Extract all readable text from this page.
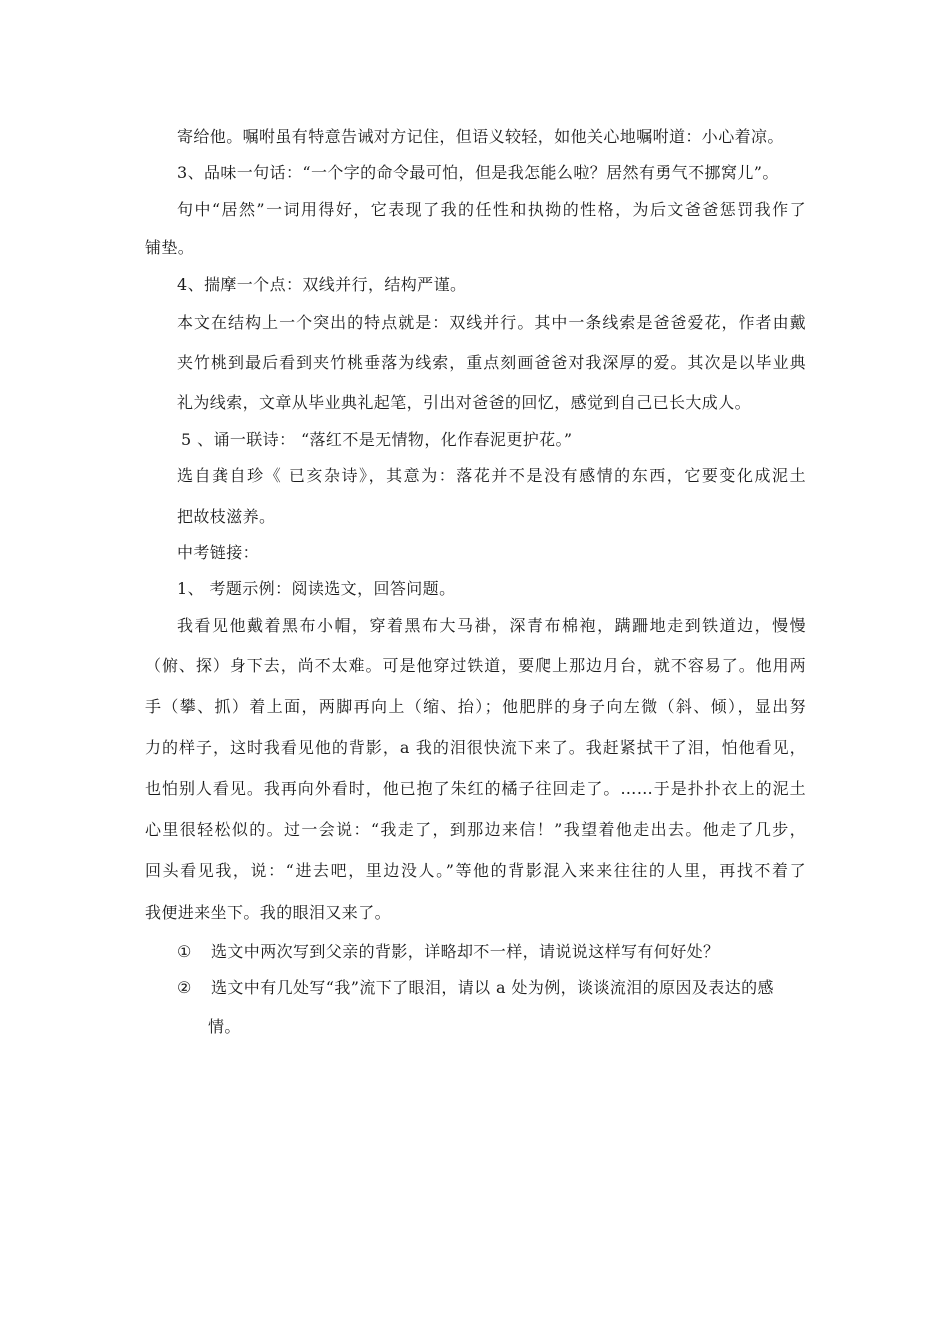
寄给他。嘱咐虽有特意告诫对方记住，但语义较轻，如他关心地嘱咐道：小心着凉。
3、品味一句话：“一个字的命令最可怕，但是我怎能么啦？居然有勇气不挪窝儿”。
句中“居然”一词用得好，它表现了我的任性和执拗的性格，为后文爸爸惩罚我作了
铺垫。
4、揣摩一个点：双线并行，结构严谨。
本文在结构上一个突出的特点就是：双线并行。其中一条线索是爸爸爱花，作者由戴
夹竹桃到最后看到夹竹桃垂落为线索，重点刻画爸爸对我深厚的爱。其次是以毕业典
礼为线索，文章从毕业典礼起笔，引出对爸爸的回忆，感觉到自己已长大成人。
5 、诵一联诗： “落红不是无情物，化作春泥更护花。”
选自龚自珍《 已亥杂诗》，其意为：落花并不是没有感情的东西，它要变化成泥土
把故枝滋养。
中考链接：
1、 考题示例：阅读选文，回答问题。
我看见他戴着黑布小帽，穿着黑布大马褂，深青布棉袍，蹒跚地走到铁道边，慢慢
（俯、探）身下去，尚不太难。可是他穿过铁道，要爬上那边月台，就不容易了。他用两
手（攀、抓）着上面，两脚再向上（缩、抬）；他肥胖的身子向左微（斜、倾），显出努
力的样子，这时我看见他的背影，a 我的泪很快流下来了。我赶紧拭干了泪，怕他看见，
也怕别人看见。我再向外看时，他已抱了朱红的橘子往回走了。……于是扑扑衣上的泥土
心里很轻松似的。过一会说：“我走了，到那边来信！”我望着他走出去。他走了几步，
回头看见我，说：“进去吧，里边没人。”等他的背影混入来来往往的人里，再找不着了
我便进来坐下。我的眼泪又来了。
① 选文中两次写到父亲的背影，详略却不一样，请说说这样写有何好处？
② 选文中有几处写“我”流下了眼泪，请以 a 处为例，谈谈流泪的原因及表达的感
情。
